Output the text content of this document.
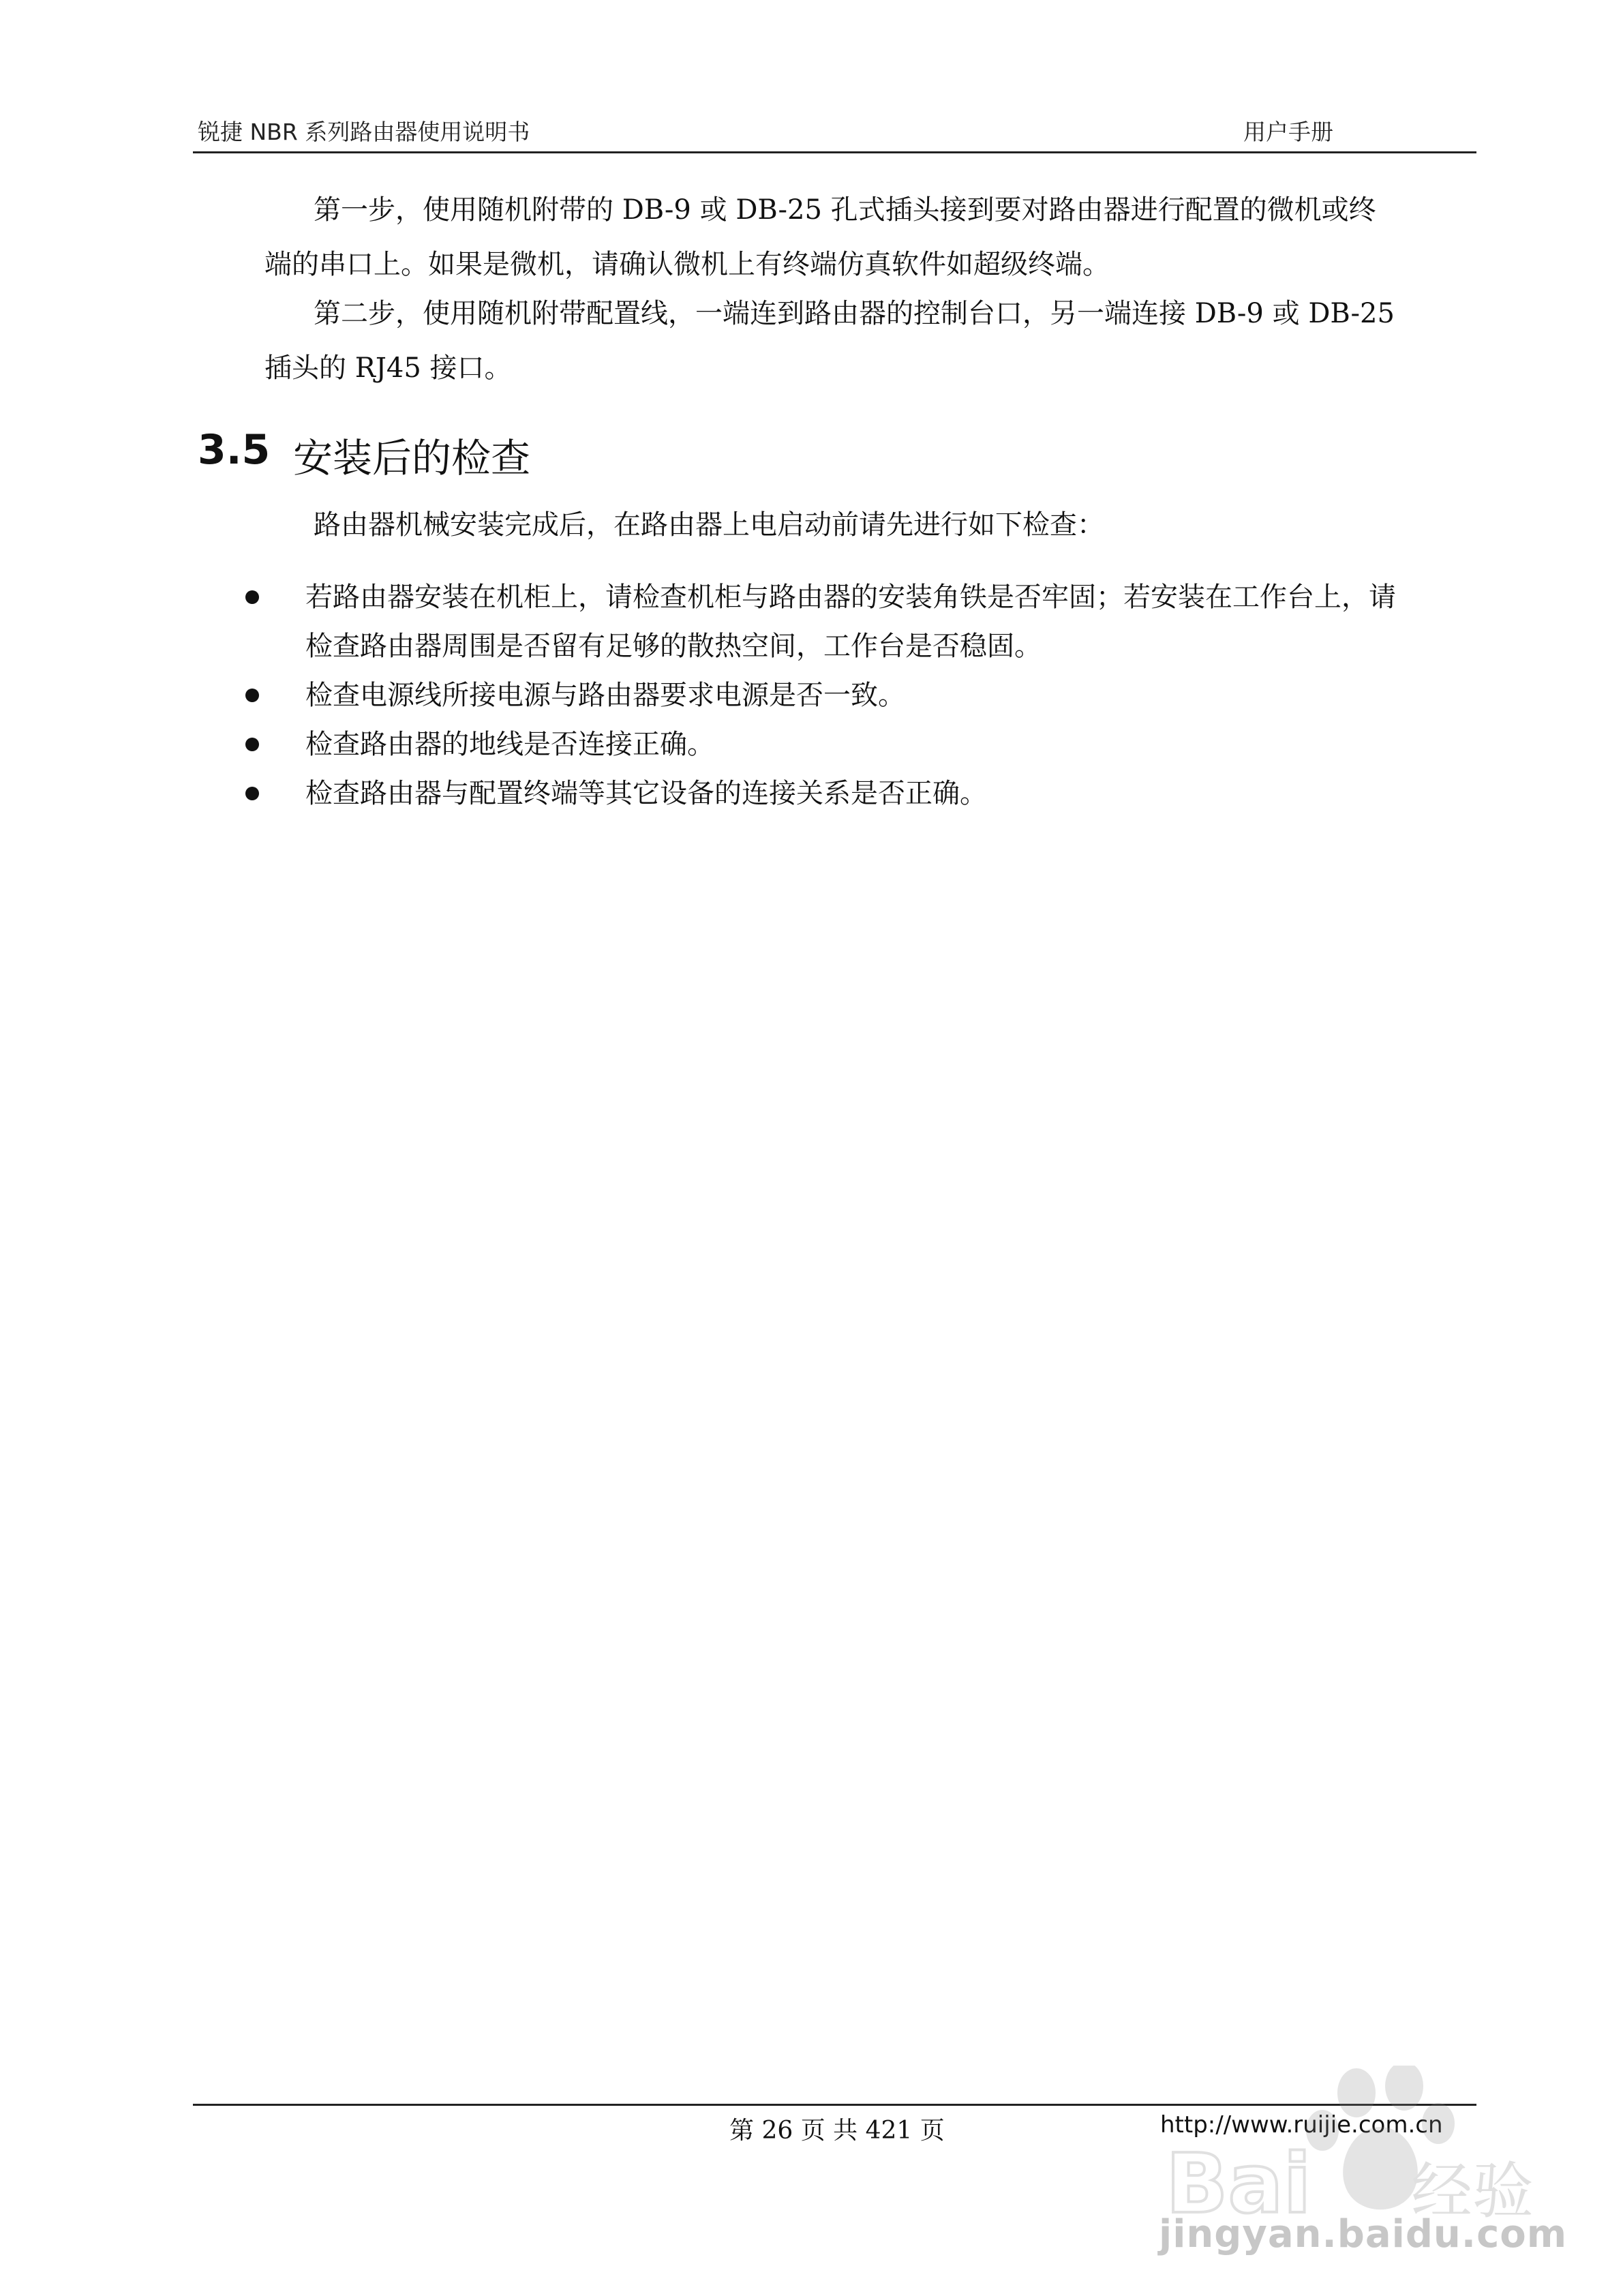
锐捷 NBR 系列路由器使用说明书	用户手册
第一步，使用随机附带的 DB-9 或 DB-25 孔式插头接到要对路由器进行配置的微机或终
端的串口上。如果是微机，请确认微机上有终端仿真软件如超级终端。
第二步，使用随机附带配置线，一端连到路由器的控制台口，另一端连接 DB-9 或 DB-25
插头的 RJ45 接口。
3.5 安装后的检查
路由器机械安装完成后，在路由器上电启动前请先进行如下检查：
若路由器安装在机柜上，请检查机柜与路由器的安装角铁是否牢固；若安装在工作台上，请
检查路由器周围是否留有足够的散热空间，工作台是否稳固。
检查电源线所接电源与路由器要求电源是否一致。
检查路由器的地线是否连接正确。
检查路由器与配置终端等其它设备的连接关系是否正确。
第 26 页 共 421 页	http://www.ruijie.com.cn
Bai 经验
jingyan.baidu.com
